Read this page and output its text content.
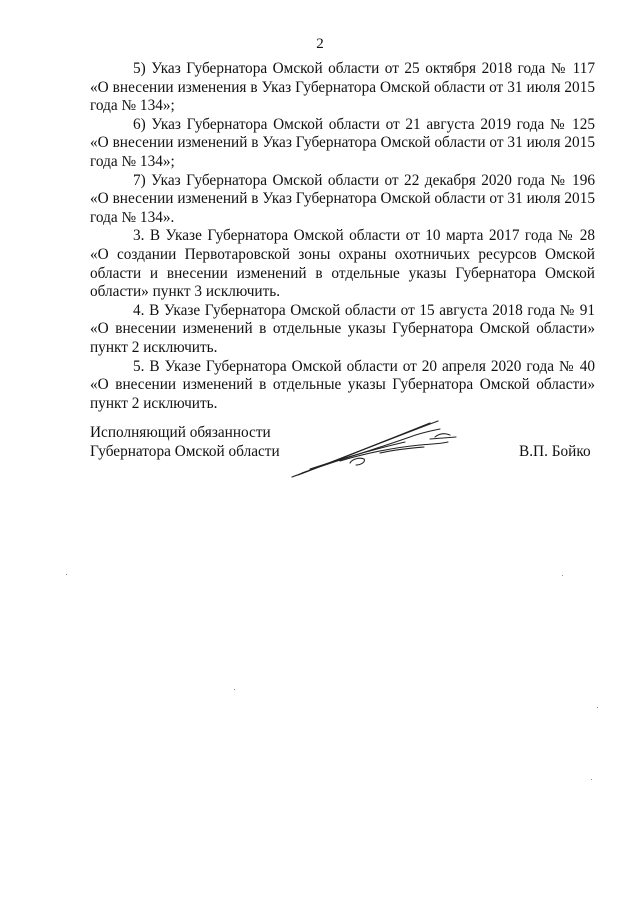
2

5) Указ Губернатора Омской области от 25 октября 2018 года № 117 «О внесении изменения в Указ Губернатора Омской области от 31 июля 2015 года № 134»;

6) Указ Губернатора Омской области от 21 августа 2019 года № 125 «О внесении изменений в Указ Губернатора Омской области от 31 июля 2015 года № 134»;

7) Указ Губернатора Омской области от 22 декабря 2020 года № 196 «О внесении изменений в Указ Губернатора Омской области от 31 июля 2015 года № 134».

3. В Указе Губернатора Омской области от 10 марта 2017 года № 28 «О создании Первотаровской зоны охраны охотничьих ресурсов Омской области и внесении изменений в отдельные указы Губернатора Омской области» пункт 3 исключить.

4. В Указе Губернатора Омской области от 15 августа 2018 года № 91 «О внесении изменений в отдельные указы Губернатора Омской области» пункт 2 исключить.

5. В Указе Губернатора Омской области от 20 апреля 2020 года № 40 «О внесении изменений в отдельные указы Губернатора Омской области» пункт 2 исключить.

Исполняющий обязанности
Губернатора Омской области	В.П. Бойко
